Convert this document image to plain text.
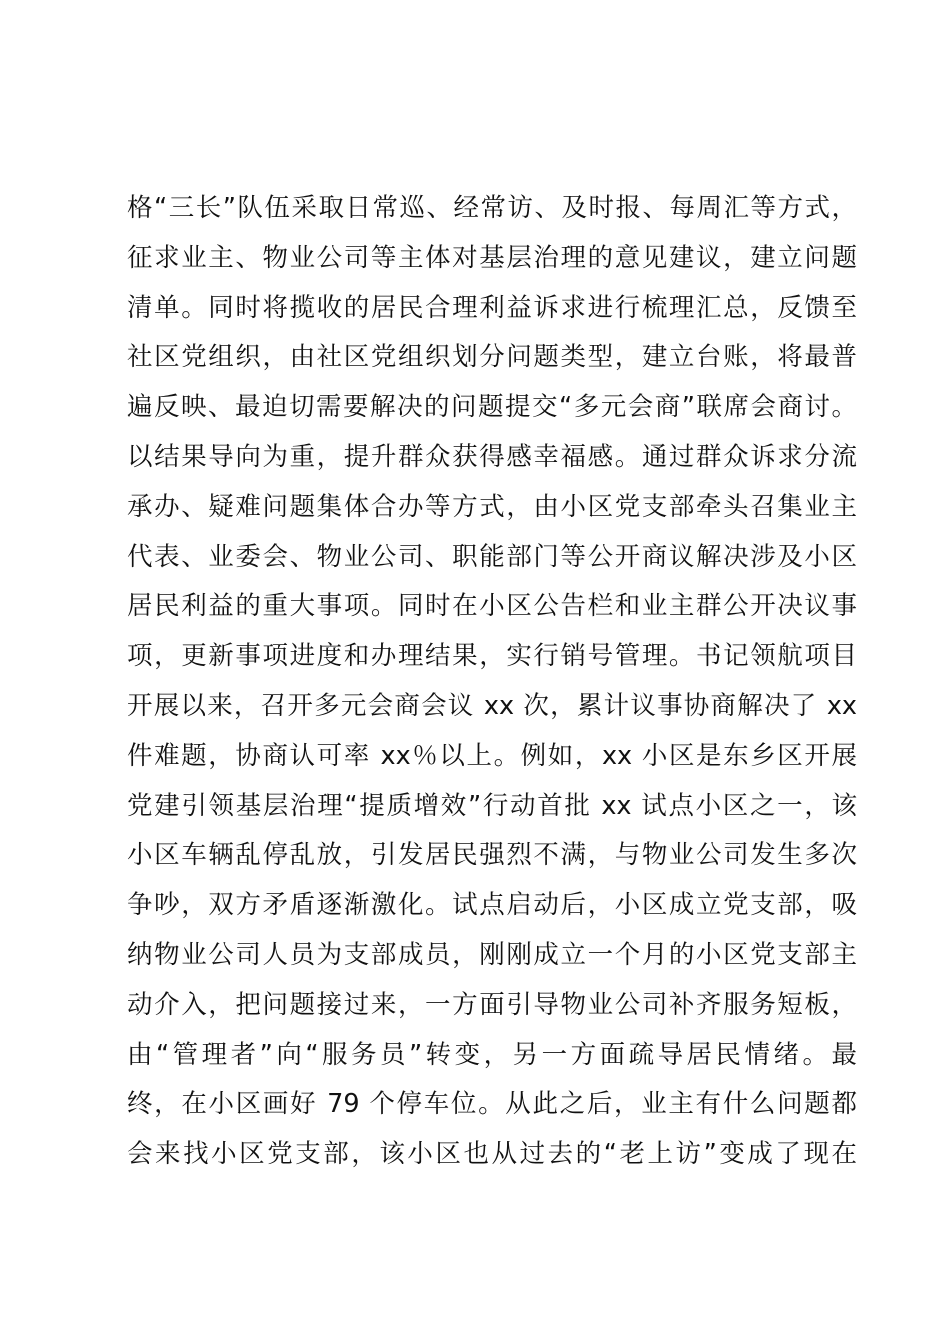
格“三长”队伍采取日常巡、经常访、及时报、每周汇等方式，
征求业主、物业公司等主体对基层治理的意见建议，建立问题
清单。同时将揽收的居民合理利益诉求进行梳理汇总，反馈至
社区党组织，由社区党组织划分问题类型，建立台账，将最普
遍反映、最迫切需要解决的问题提交“多元会商”联席会商讨。
以结果导向为重，提升群众获得感幸福感。通过群众诉求分流
承办、疑难问题集体合办等方式，由小区党支部牵头召集业主
代表、业委会、物业公司、职能部门等公开商议解决涉及小区
居民利益的重大事项。同时在小区公告栏和业主群公开决议事
项，更新事项进度和办理结果，实行销号管理。书记领航项目
开展以来，召开多元会商会议 xx 次，累计议事协商解决了 xx
件难题，协商认可率 xx％以上。例如，xx 小区是东乡区开展
党建引领基层治理“提质增效”行动首批 xx 试点小区之一，该
小区车辆乱停乱放，引发居民强烈不满，与物业公司发生多次
争吵，双方矛盾逐渐激化。试点启动后，小区成立党支部，吸
纳物业公司人员为支部成员，刚刚成立一个月的小区党支部主
动介入，把问题接过来，一方面引导物业公司补齐服务短板，
由“管理者”向“服务员”转变，另一方面疏导居民情绪。最
终，在小区画好 79 个停车位。从此之后，业主有什么问题都
会来找小区党支部，该小区也从过去的“老上访”变成了现在
